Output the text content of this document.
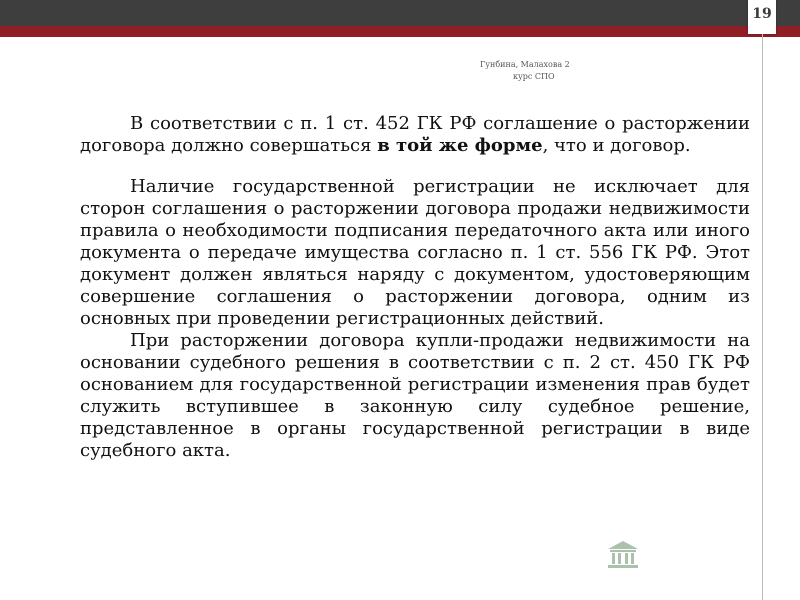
19
Гунбина, Малахова 2
курс СПО

В соответствии с п. 1 ст. 452 ГК РФ соглашение о расторжении договора должно совершаться в той же форме, что и договор.

Наличие государственной регистрации не исключает для сторон соглашения о расторжении договора продажи недвижимости правила о необходимости подписания передаточного акта или иного документа о передаче имущества согласно п. 1 ст. 556 ГК РФ. Этот документ должен являться наряду с документом, удостоверяющим совершение соглашения о расторжении договора, одним из основных при проведении регистрационных действий.

При расторжении договора купли-продажи недвижимости на основании судебного решения в соответствии с п. 2 ст. 450 ГК РФ основанием для государственной регистрации изменения прав будет служить вступившее в законную силу судебное решение, представленное в органы государственной регистрации в виде судебного акта.
